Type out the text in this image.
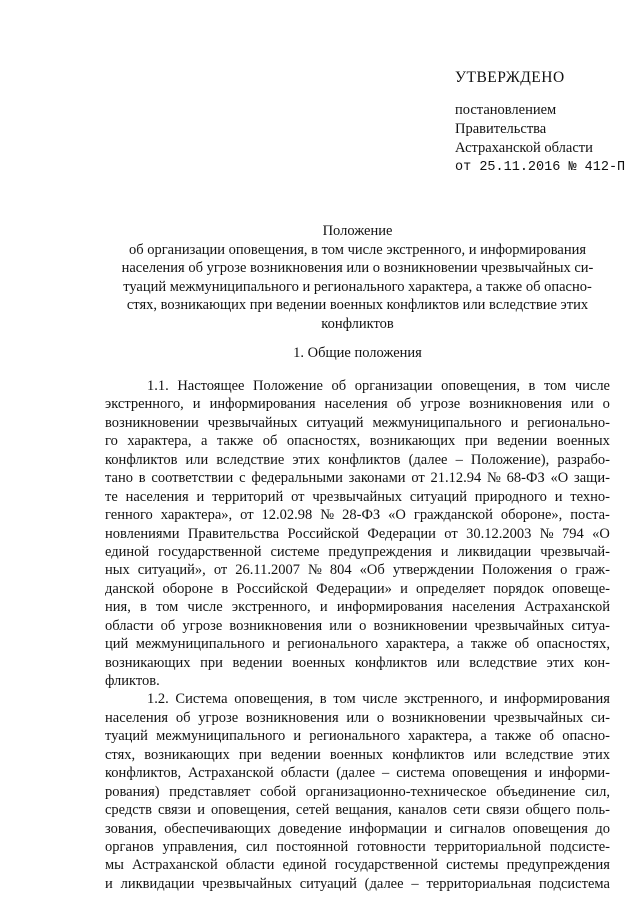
УТВЕРЖДЕНО
постановлением
Правительства
Астраханской области
от 25.11.2016 № 412-П
Положение
об организации оповещения, в том числе экстренного, и информирования
населения об угрозе возникновения или о возникновении чрезвычайных си-
туаций межмуниципального и регионального характера, а также об опасно-
стях, возникающих при ведении военных конфликтов или вследствие этих
конфликтов
1. Общие положения
1.1. Настоящее Положение об организации оповещения, в том числе
экстренного, и информирования населения об угрозе возникновения или о
возникновении чрезвычайных ситуаций межмуниципального и регионально-
го характера, а также об опасностях, возникающих при ведении военных
конфликтов или вследствие этих конфликтов (далее – Положение), разрабо-
тано в соответствии с федеральными законами от 21.12.94 № 68-ФЗ «О защи-
те населения и территорий от чрезвычайных ситуаций природного и техно-
генного характера», от 12.02.98 № 28-ФЗ «О гражданской обороне», поста-
новлениями Правительства Российской Федерации от 30.12.2003 № 794 «О
единой государственной системе предупреждения и ликвидации чрезвычай-
ных ситуаций», от 26.11.2007 № 804 «Об утверждении Положения о граж-
данской обороне в Российской Федерации» и определяет порядок оповеще-
ния, в том числе экстренного, и информирования населения Астраханской
области об угрозе возникновения или о возникновении чрезвычайных ситуа-
ций межмуниципального и регионального характера, а также об опасностях,
возникающих при ведении военных конфликтов или вследствие этих кон-
фликтов.
1.2. Система оповещения, в том числе экстренного, и информирования
населения об угрозе возникновения или о возникновении чрезвычайных си-
туаций межмуниципального и регионального характера, а также об опасно-
стях, возникающих при ведении военных конфликтов или вследствие этих
конфликтов, Астраханской области (далее – система оповещения и информи-
рования) представляет собой организационно-техническое объединение сил,
средств связи и оповещения, сетей вещания, каналов сети связи общего поль-
зования, обеспечивающих доведение информации и сигналов оповещения до
органов управления, сил постоянной готовности территориальной подсисте-
мы Астраханской области единой государственной системы предупреждения
и ликвидации чрезвычайных ситуаций (далее – территориальная подсистема
